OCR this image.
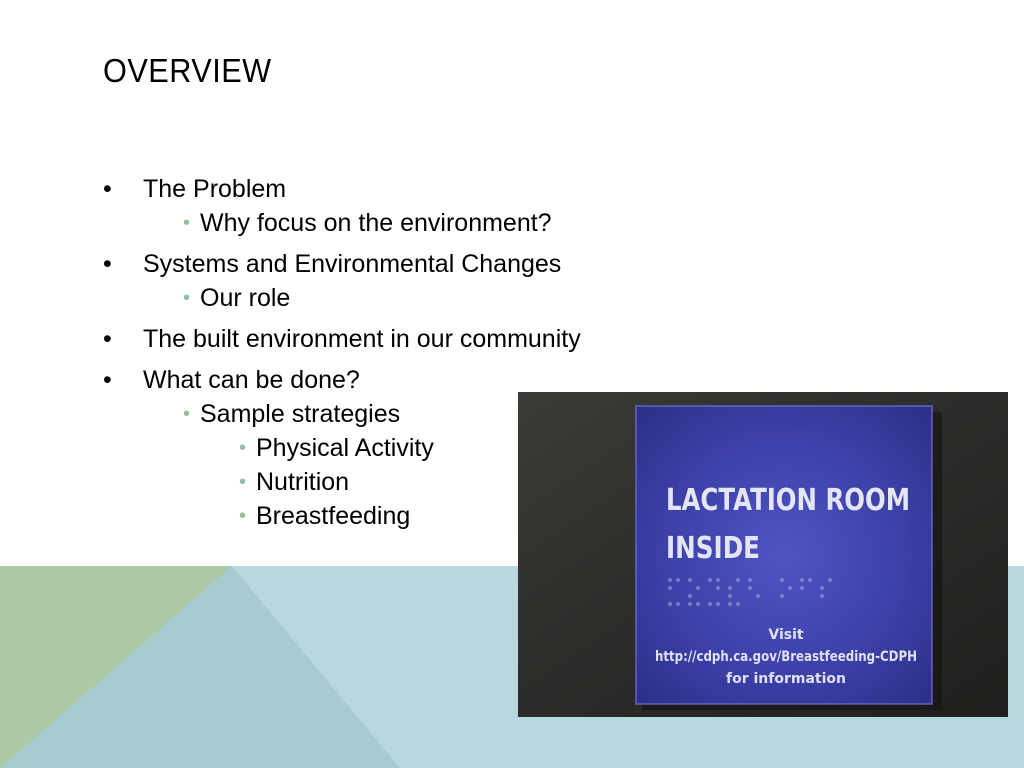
OVERVIEW
• The Problem
• Why focus on the environment?
• Systems and Environmental Changes
• Our role
• The built environment in our community
• What can be done?
• Sample strategies
• Physical Activity
• Nutrition
• Breastfeeding	LACTATION ROOM
INSIDE
Visit
http://cdph.ca.gov/Breastfeeding-CDPH
for information
